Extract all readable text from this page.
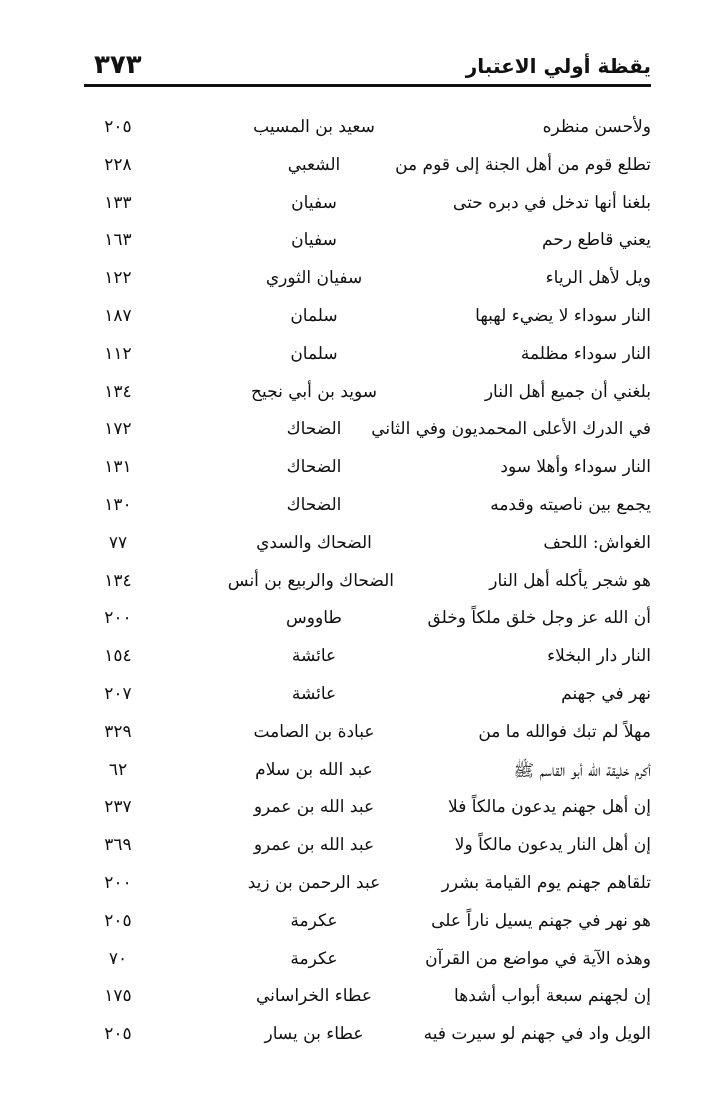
يقظة أولي الاعتبار
٣٧٣
ولأحسن منظره
سعيد بن المسيب
٢٠٥
تطلع قوم من أهل الجنة إلى قوم من
الشعبي
٢٢٨
بلغنا أنها تدخل في دبره حتى
سفيان
١٣٣
يعني قاطع رحم
سفيان
١٦٣
ويل لأهل الرياء
سفيان الثوري
١٢٢
النار سوداء لا يضيء لهبها
سلمان
١٨٧
النار سوداء مظلمة
سلمان
١١٢
بلغني أن جميع أهل النار
سويد بن أبي نجيح
١٣٤
في الدرك الأعلى المحمديون وفي الثاني
الضحاك
١٧٢
النار سوداء وأهلا سود
الضحاك
١٣١
يجمع بين ناصيته وقدمه
الضحاك
١٣٠
الغواش: اللحف
الضحاك والسدي
٧٧
هو شجر يأكله أهل النار
الضحاك والربيع بن أنس
١٣٤
أن الله عز وجل خلق ملكاً وخلق
طاووس
٢٠٠
النار دار البخلاء
عائشة
١٥٤
نهر في جهنم
عائشة
٢٠٧
مهلاً لم تبك فوالله ما من
عبادة بن الصامت
٣٢٩
أكرم خليقة الله أبو القاسم ﷺ
عبد الله بن سلام
٦٢
إن أهل جهنم يدعون مالكاً فلا
عبد الله بن عمرو
٢٣٧
إن أهل النار يدعون مالكاً ولا
عبد الله بن عمرو
٣٦٩
تلقاهم جهنم يوم القيامة بشرر
عبد الرحمن بن زيد
٢٠٠
هو نهر في جهنم يسيل ناراً على
عكرمة
٢٠٥
وهذه الآية في مواضع من القرآن
عكرمة
٧٠
إن لجهنم سبعة أبواب أشدها
عطاء الخراساني
١٧٥
الويل واد في جهنم لو سيرت فيه
عطاء بن يسار
٢٠٥
